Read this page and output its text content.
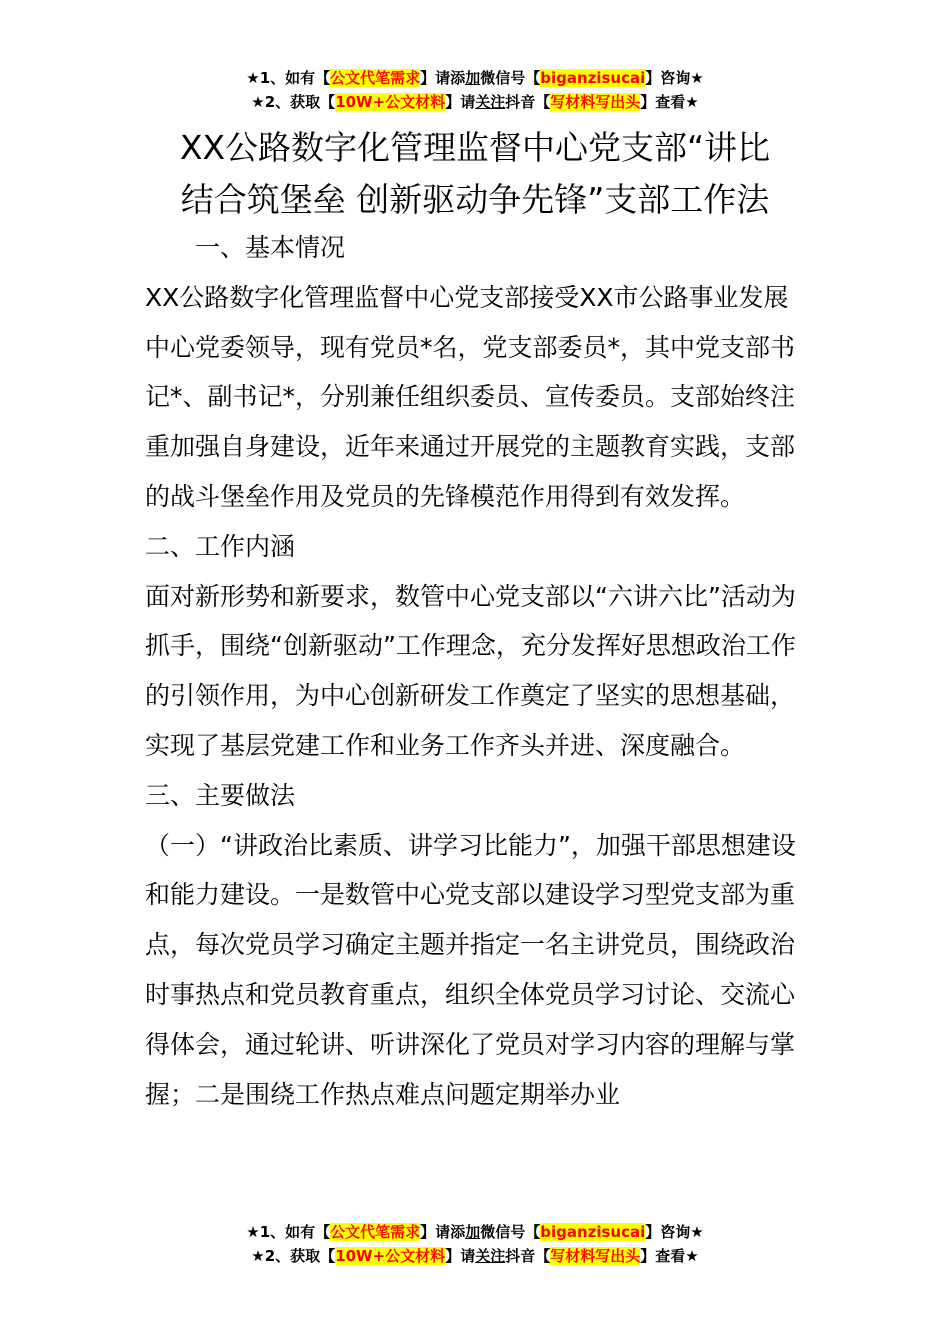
★1、如有【公文代笔需求】请添加微信号【biganzisucai】咨询★
★2、获取【10W+公文材料】请关注抖音【写材料写出头】查看★
XX公路数字化管理监督中心党支部“讲比
结合筑堡垒 创新驱动争先锋”支部工作法

一、基本情况

XX公路数字化管理监督中心党支部接受XX市公路事业发展中心党委领导，现有党员*名，党支部委员*，其中党支部书记*、副书记*，分别兼任组织委员、宣传委员。支部始终注重加强自身建设，近年来通过开展党的主题教育实践，支部的战斗堡垒作用及党员的先锋模范作用得到有效发挥。

二、工作内涵

面对新形势和新要求，数管中心党支部以“六讲六比”活动为抓手，围绕“创新驱动”工作理念，充分发挥好思想政治工作的引领作用，为中心创新研发工作奠定了坚实的思想基础，实现了基层党建工作和业务工作齐头并进、深度融合。

三、主要做法

（一）“讲政治比素质、讲学习比能力”，加强干部思想建设和能力建设。一是数管中心党支部以建设学习型党支部为重点，每次党员学习确定主题并指定一名主讲党员，围绕政治时事热点和党员教育重点，组织全体党员学习讨论、交流心得体会，通过轮讲、听讲深化了党员对学习内容的理解与掌握；二是围绕工作热点难点问题定期举办业

★1、如有【公文代笔需求】请添加微信号【biganzisucai】咨询★
★2、获取【10W+公文材料】请关注抖音【写材料写出头】查看★
